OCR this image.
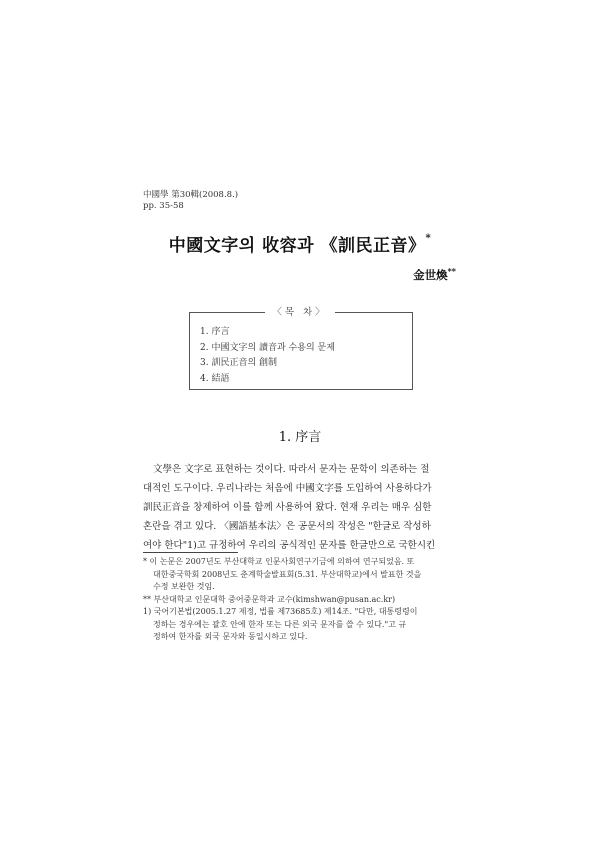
中國學 第30輯(2008.8.)
pp. 35-58
中國文字의 收容과 《訓民正音》*
金世煥**
〈목 차〉
1. 序言
2. 中國文字의 讀音과 수용의 문제
3. 訓民正音의 創制
4. 結語
1. 序言
文學은 文字로 표현하는 것이다. 따라서 문자는 문학이 의존하는 절
대적인 도구이다. 우리나라는 처음에 中國文字를 도입하여 사용하다가
訓民正音을 창제하여 이를 함께 사용하여 왔다. 현재 우리는 매우 심한
혼란을 겪고 있다. 〈國語基本法〉은 공문서의 작성은 "한글로 작성하
여야 한다"1)고 규정하여 우리의 공식적인 문자를 한글만으로 국한시킨
* 이 논문은 2007년도 부산대학교 인문사회연구기금에 의하여 연구되었음. 또
대한중국학회 2008년도 춘계학술발표회(5.31. 부산대학교)에서 발표한 것을
수정 보완한 것임.
** 부산대학교 인문대학 중어중문학과 교수(kimshwan@pusan.ac.kr)
1) 국어기본법(2005.1.27 제정, 법률 제73685호) 제14조. "다만, 대통령령이
정하는 경우에는 괄호 안에 한자 또는 다른 외국 문자를 쓸 수 있다."고 규
정하여 한자를 외국 문자와 동일시하고 있다.
